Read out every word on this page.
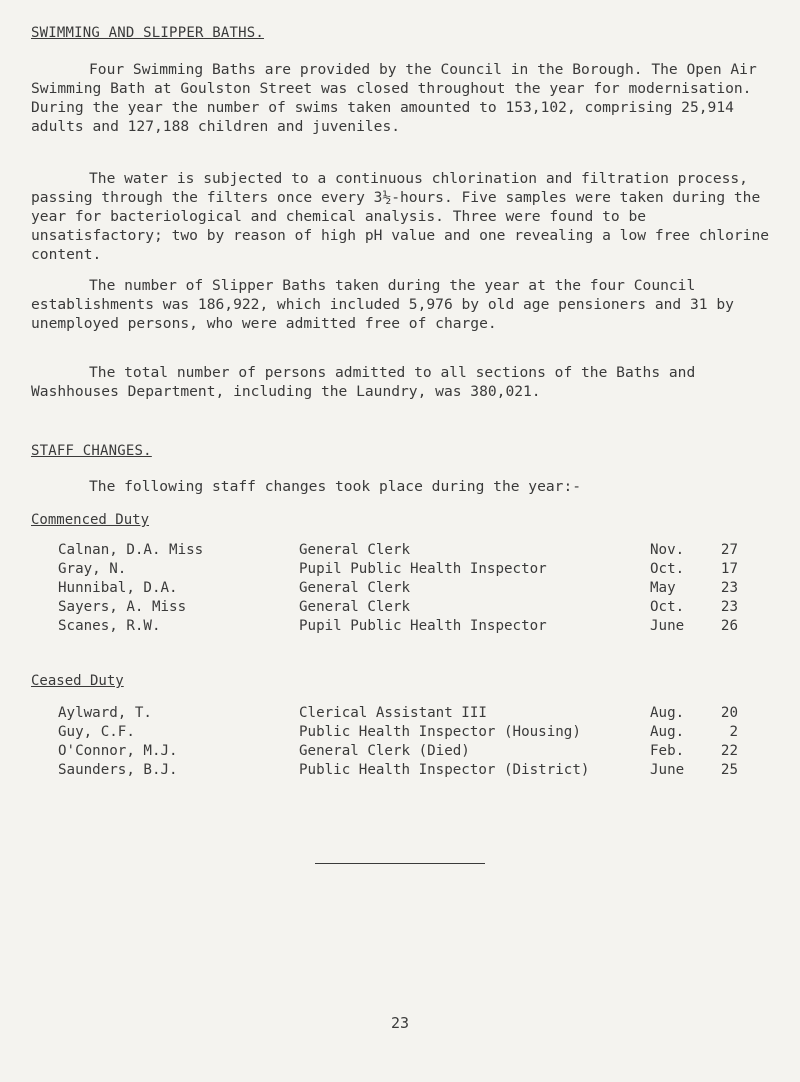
SWIMMING AND SLIPPER BATHS.

Four Swimming Baths are provided by the Council in the Borough. The Open Air Swimming Bath at Goulston Street was closed throughout the year for modernisation. During the year the number of swims taken amounted to 153,102, comprising 25,914 adults and 127,188 children and juveniles.

The water is subjected to a continuous chlorination and filtration process, passing through the filters once every 3½-hours. Five samples were taken during the year for bacteriological and chemical analysis. Three were found to be unsatisfactory; two by reason of high pH value and one revealing a low free chlorine content.

The number of Slipper Baths taken during the year at the four Council establishments was 186,922, which included 5,976 by old age pensioners and 31 by unemployed persons, who were admitted free of charge.

The total number of persons admitted to all sections of the Baths and Washhouses Department, including the Laundry, was 380,021.

STAFF CHANGES.
The following staff changes took place during the year:-
Commenced Duty
Calnan, D.A. Miss	General Clerk	Nov.	27
Gray, N.	Pupil Public Health Inspector	Oct.	17
Hunnibal, D.A.	General Clerk	May	23
Sayers, A. Miss	General Clerk	Oct.	23
Scanes, R.W.	Pupil Public Health Inspector	June	26
Ceased Duty
Aylward, T.	Clerical Assistant III	Aug.	20
Guy, C.F.	Public Health Inspector (Housing)	Aug.	2
O'Connor, M.J.	General Clerk (Died)	Feb.	22
Saunders, B.J.	Public Health Inspector (District)	June	25
23
